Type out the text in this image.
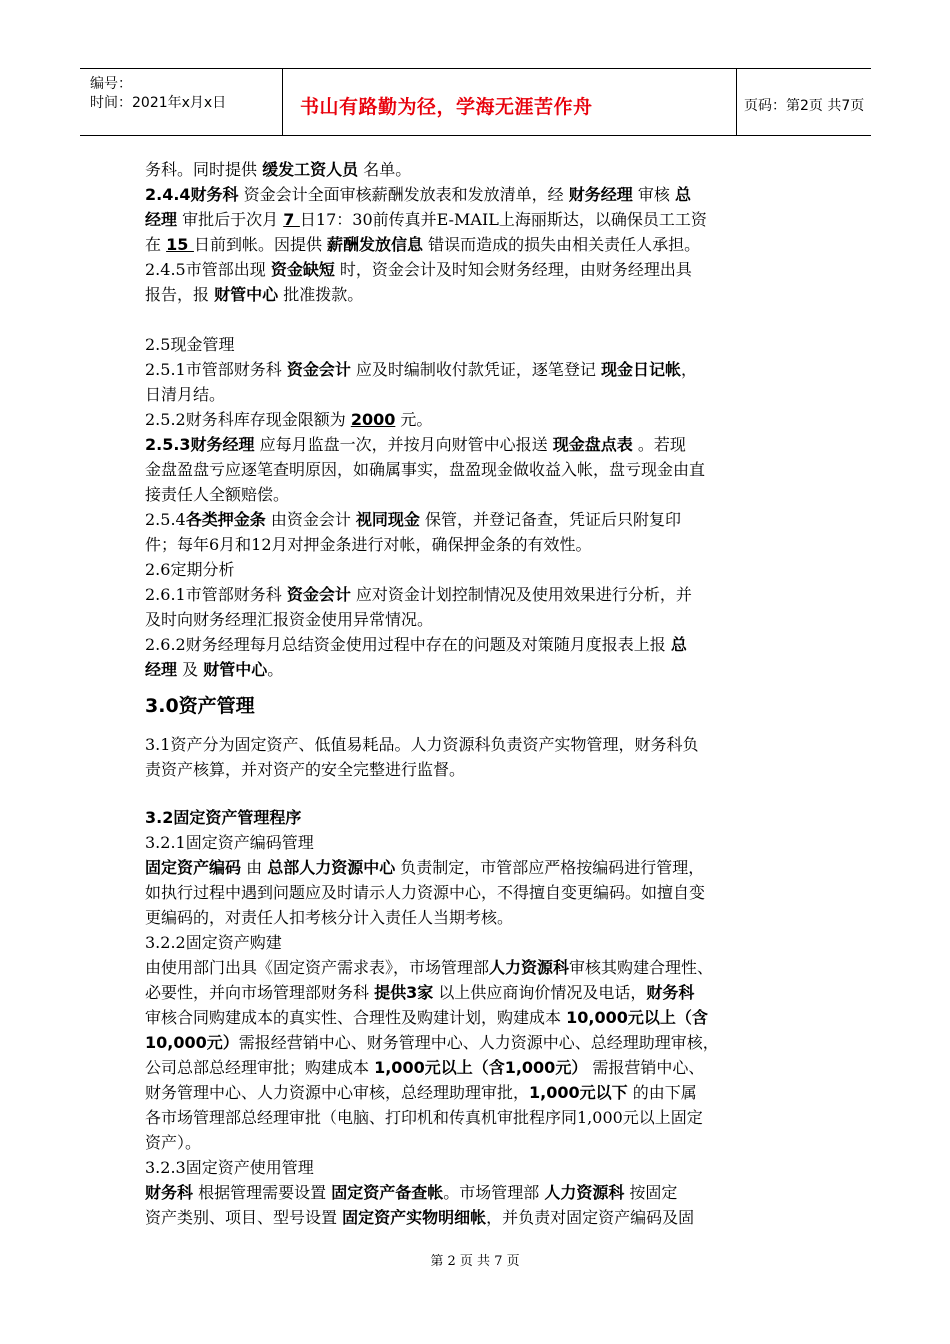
编号：
时间：2021年x月x日	书山有路勤为径，学海无涯苦作舟	页码：第2页 共7页
务科。同时提供 缓发工资人员 名单。
2.4.4财务科 资金会计全面审核薪酬发放表和发放清单，经 财务经理 审核 总
经理 审批后于次月 7 日17：30前传真并E-MAIL上海丽斯达，以确保员工工资
在 15 日前到帐。因提供 薪酬发放信息 错误而造成的损失由相关责任人承担。
2.4.5市管部出现 资金缺短 时，资金会计及时知会财务经理，由财务经理出具
报告，报 财管中心 批准拨款。
2.5现金管理
2.5.1市管部财务科 资金会计 应及时编制收付款凭证，逐笔登记 现金日记帐，
日清月结。
2.5.2财务科库存现金限额为 2000 元。
2.5.3财务经理 应每月监盘一次，并按月向财管中心报送 现金盘点表 。若现
金盘盈盘亏应逐笔查明原因，如确属事实，盘盈现金做收益入帐，盘亏现金由直
接责任人全额赔偿。
2.5.4各类押金条 由资金会计 视同现金 保管，并登记备查，凭证后只附复印
件；每年6月和12月对押金条进行对帐，确保押金条的有效性。
2.6定期分析
2.6.1市管部财务科 资金会计 应对资金计划控制情况及使用效果进行分析，并
及时向财务经理汇报资金使用异常情况。
2.6.2财务经理每月总结资金使用过程中存在的问题及对策随月度报表上报 总
经理 及 财管中心。
3.0资产管理
3.1资产分为固定资产、低值易耗品。人力资源科负责资产实物管理，财务科负
责资产核算，并对资产的安全完整进行监督。
3.2固定资产管理程序
3.2.1固定资产编码管理
固定资产编码 由 总部人力资源中心 负责制定，市管部应严格按编码进行管理，
如执行过程中遇到问题应及时请示人力资源中心，不得擅自变更编码。如擅自变
更编码的，对责任人扣考核分计入责任人当期考核。
3.2.2固定资产购建
由使用部门出具《固定资产需求表》，市场管理部人力资源科审核其购建合理性、
必要性，并向市场管理部财务科 提供3家 以上供应商询价情况及电话，财务科
审核合同购建成本的真实性、合理性及购建计划，购建成本 10,000元以上（含
10,000元）需报经营销中心、财务管理中心、人力资源中心、总经理助理审核，
公司总部总经理审批；购建成本 1,000元以上（含1,000元） 需报营销中心、
财务管理中心、人力资源中心审核，总经理助理审批，1,000元以下 的由下属
各市场管理部总经理审批（电脑、打印机和传真机审批程序同1,000元以上固定
资产）。
3.2.3固定资产使用管理
财务科 根据管理需要设置 固定资产备查帐。市场管理部 人力资源科 按固定
资产类别、项目、型号设置 固定资产实物明细帐，并负责对固定资产编码及固
第 2 页 共 7 页
